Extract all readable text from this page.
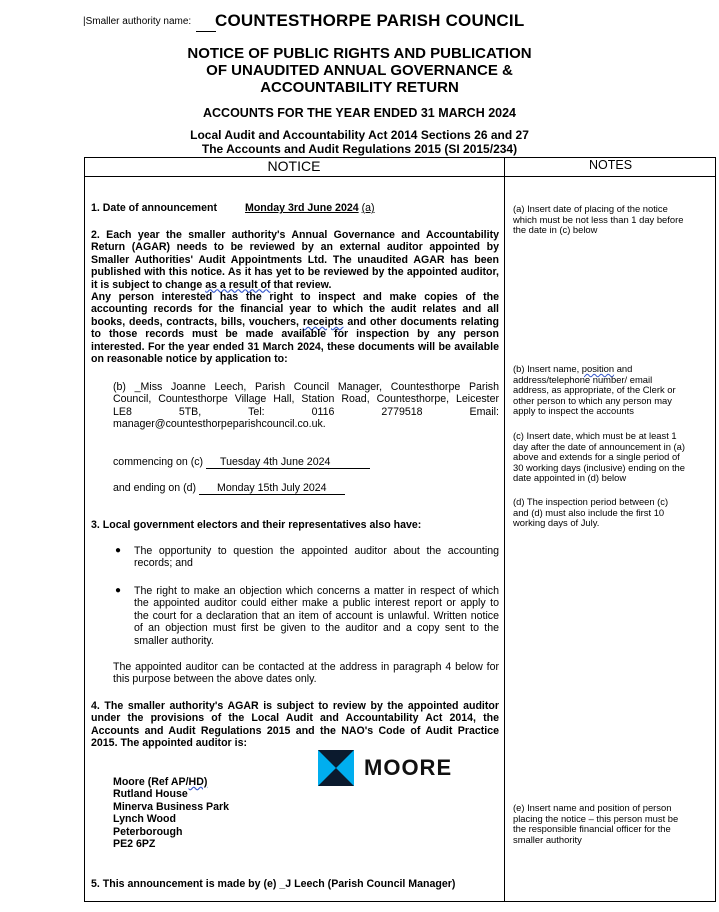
|Smaller authority name: COUNTESTHORPE PARISH COUNCIL
NOTICE OF PUBLIC RIGHTS AND PUBLICATION
OF UNAUDITED ANNUAL GOVERNANCE &
ACCOUNTABILITY RETURN
ACCOUNTS FOR THE YEAR ENDED 31 MARCH 2024
Local Audit and Accountability Act 2014 Sections 26 and 27
The Accounts and Audit Regulations 2015 (SI 2015/234)
NOTICE	NOTES
1. Date of announcement	Monday 3rd June 2024 (a)
2. Each year the smaller authority's Annual Governance and Accountability
Return (AGAR) needs to be reviewed by an external auditor appointed by
Smaller Authorities' Audit Appointments Ltd. The unaudited AGAR has been
published with this notice. As it has yet to be reviewed by the appointed auditor,
it is subject to change as a result of that review.
Any person interested has the right to inspect and make copies of the
accounting records for the financial year to which the audit relates and all
books, deeds, contracts, bills, vouchers, receipts and other documents relating
to those records must be made available for inspection by any person
interested. For the year ended 31 March 2024, these documents will be available
on reasonable notice by application to:
(b) _Miss Joanne Leech, Parish Council Manager, Countesthorpe Parish
Council, Countesthorpe Village Hall, Station Road, Countesthorpe, Leicester
LE8	5TB,	Tel:	0116	2779518	Email:
manager@countesthorpeparishcouncil.co.uk.
commencing on (c) Tuesday 4th June 2024
and ending on (d) Monday 15th July 2024
3. Local government electors and their representatives also have:
● The opportunity to question the appointed auditor about the accounting
records; and
● The right to make an objection which concerns a matter in respect of which
the appointed auditor could either make a public interest report or apply to
the court for a declaration that an item of account is unlawful. Written notice
of an objection must first be given to the auditor and a copy sent to the
smaller authority.
The appointed auditor can be contacted at the address in paragraph 4 below for
this purpose between the above dates only.
4. The smaller authority's AGAR is subject to review by the appointed auditor
under the provisions of the Local Audit and Accountability Act 2014, the
Accounts and Audit Regulations 2015 and the NAO's Code of Audit Practice
2015. The appointed auditor is:
MOORE
Moore (Ref AP/HD)
Rutland House
Minerva Business Park
Lynch Wood
Peterborough
PE2 6PZ
5. This announcement is made by (e) _J Leech (Parish Council Manager)
(a) Insert date of placing of the notice
which must be not less than 1 day before
the date in (c) below
(b) Insert name, position and
address/telephone number/ email
address, as appropriate, of the Clerk or
other person to which any person may
apply to inspect the accounts
(c) Insert date, which must be at least 1
day after the date of announcement in (a)
above and extends for a single period of
30 working days (inclusive) ending on the
date appointed in (d) below
(d) The inspection period between (c)
and (d) must also include the first 10
working days of July.
(e) Insert name and position of person
placing the notice – this person must be
the responsible financial officer for the
smaller authority
